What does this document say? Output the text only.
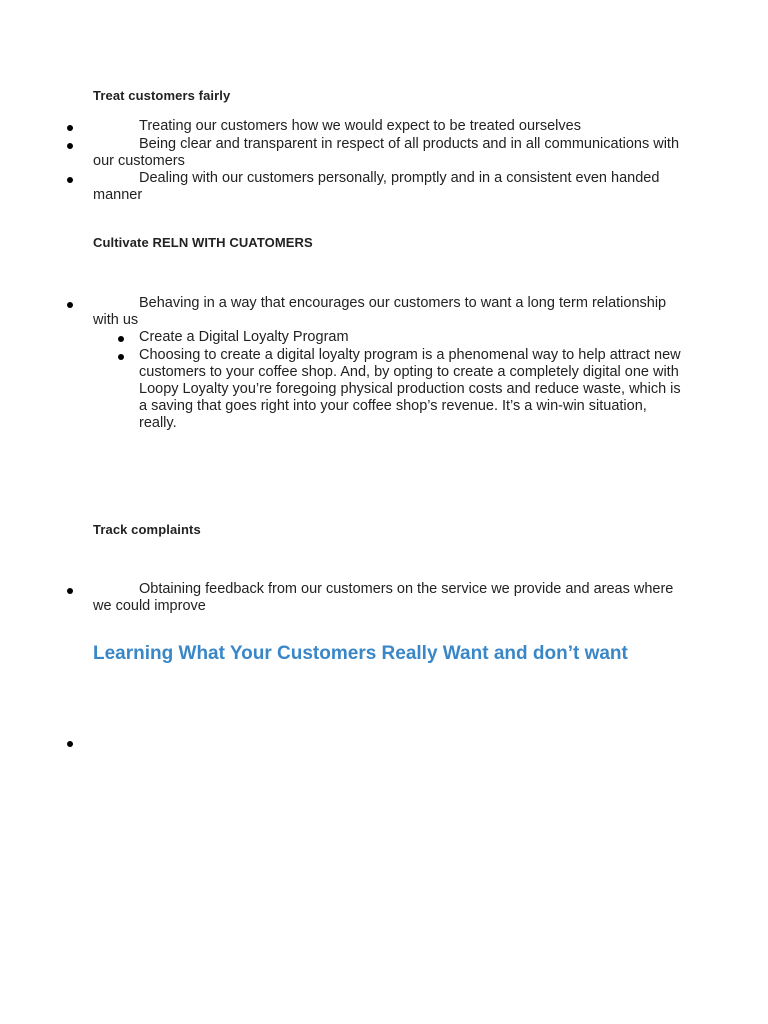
Treat customers fairly
Treating our customers how we would expect to be treated ourselves
Being clear and transparent in respect of all products and in all communications with our customers
Dealing with our customers personally, promptly and in a consistent even handed manner
Cultivate RELN WITH CUATOMERS
Behaving in a way that encourages our customers to want a long term relationship with us
Create a Digital Loyalty Program
Choosing to create a digital loyalty program is a phenomenal way to help attract new customers to your coffee shop. And, by opting to create a completely digital one with Loopy Loyalty you’re foregoing physical production costs and reduce waste, which is a saving that goes right into your coffee shop’s revenue. It’s a win-win situation, really.
Track complaints
Obtaining feedback from our customers on the service we provide and areas where we could improve
Learning What Your Customers Really Want and don’t want
